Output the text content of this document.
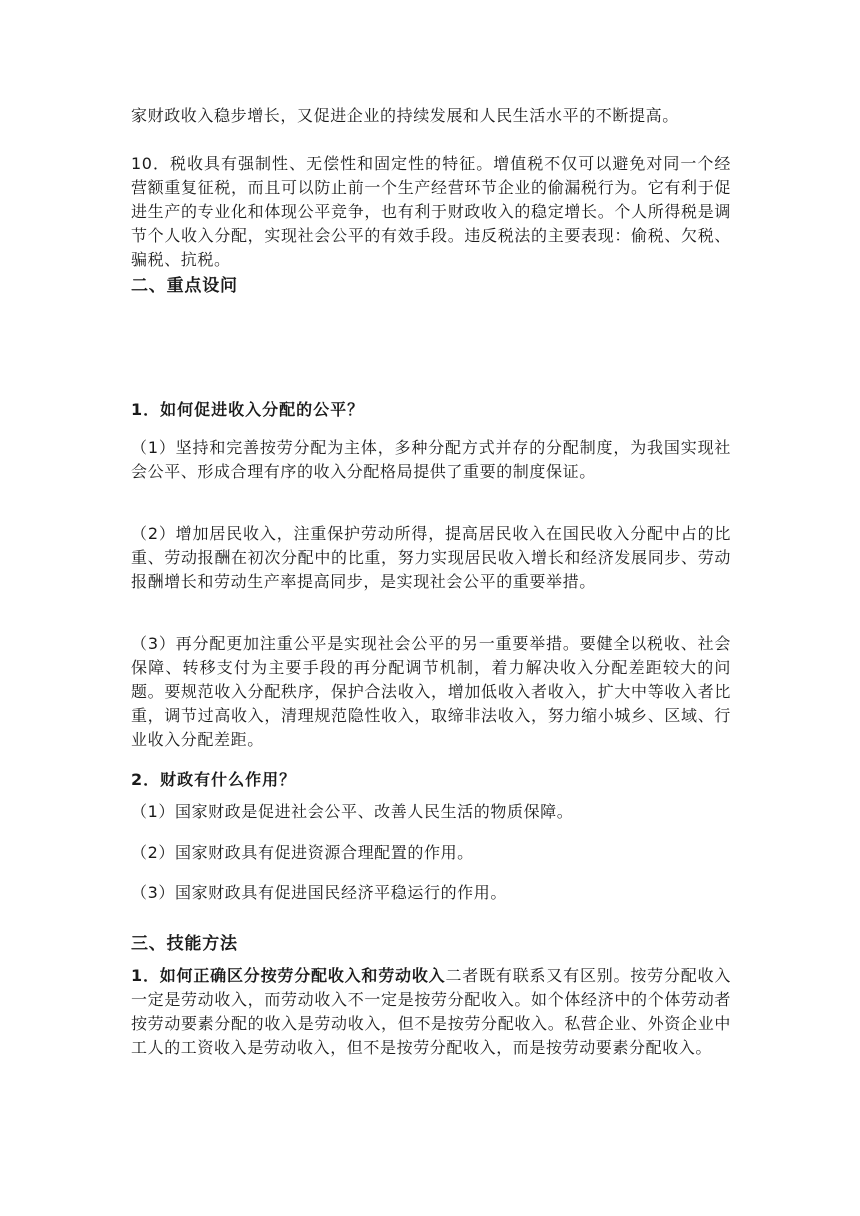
家财政收入稳步增长，又促进企业的持续发展和人民生活水平的不断提高。

10．税收具有强制性、无偿性和固定性的特征。增值税不仅可以避免对同一个经营额重复征税，而且可以防止前一个生产经营环节企业的偷漏税行为。它有利于促进生产的专业化和体现公平竞争，也有利于财政收入的稳定增长。个人所得税是调节个人收入分配，实现社会公平的有效手段。违反税法的主要表现：偷税、欠税、骗税、抗税。

二、重点设问

1．如何促进收入分配的公平？

（1）坚持和完善按劳分配为主体，多种分配方式并存的分配制度，为我国实现社会公平、形成合理有序的收入分配格局提供了重要的制度保证。

（2）增加居民收入，注重保护劳动所得，提高居民收入在国民收入分配中占的比重、劳动报酬在初次分配中的比重，努力实现居民收入增长和经济发展同步、劳动报酬增长和劳动生产率提高同步，是实现社会公平的重要举措。

（3）再分配更加注重公平是实现社会公平的另一重要举措。要健全以税收、社会保障、转移支付为主要手段的再分配调节机制，着力解决收入分配差距较大的问题。要规范收入分配秩序，保护合法收入，增加低收入者收入，扩大中等收入者比重，调节过高收入，清理规范隐性收入，取缔非法收入，努力缩小城乡、区域、行业收入分配差距。

2．财政有什么作用？

（1）国家财政是促进社会公平、改善人民生活的物质保障。

（2）国家财政具有促进资源合理配置的作用。

（3）国家财政具有促进国民经济平稳运行的作用。

三、技能方法

1．如何正确区分按劳分配收入和劳动收入二者既有联系又有区别。按劳分配收入一定是劳动收入，而劳动收入不一定是按劳分配收入。如个体经济中的个体劳动者按劳动要素分配的收入是劳动收入，但不是按劳分配收入。私营企业、外资企业中工人的工资收入是劳动收入，但不是按劳分配收入，而是按劳动要素分配收入。
